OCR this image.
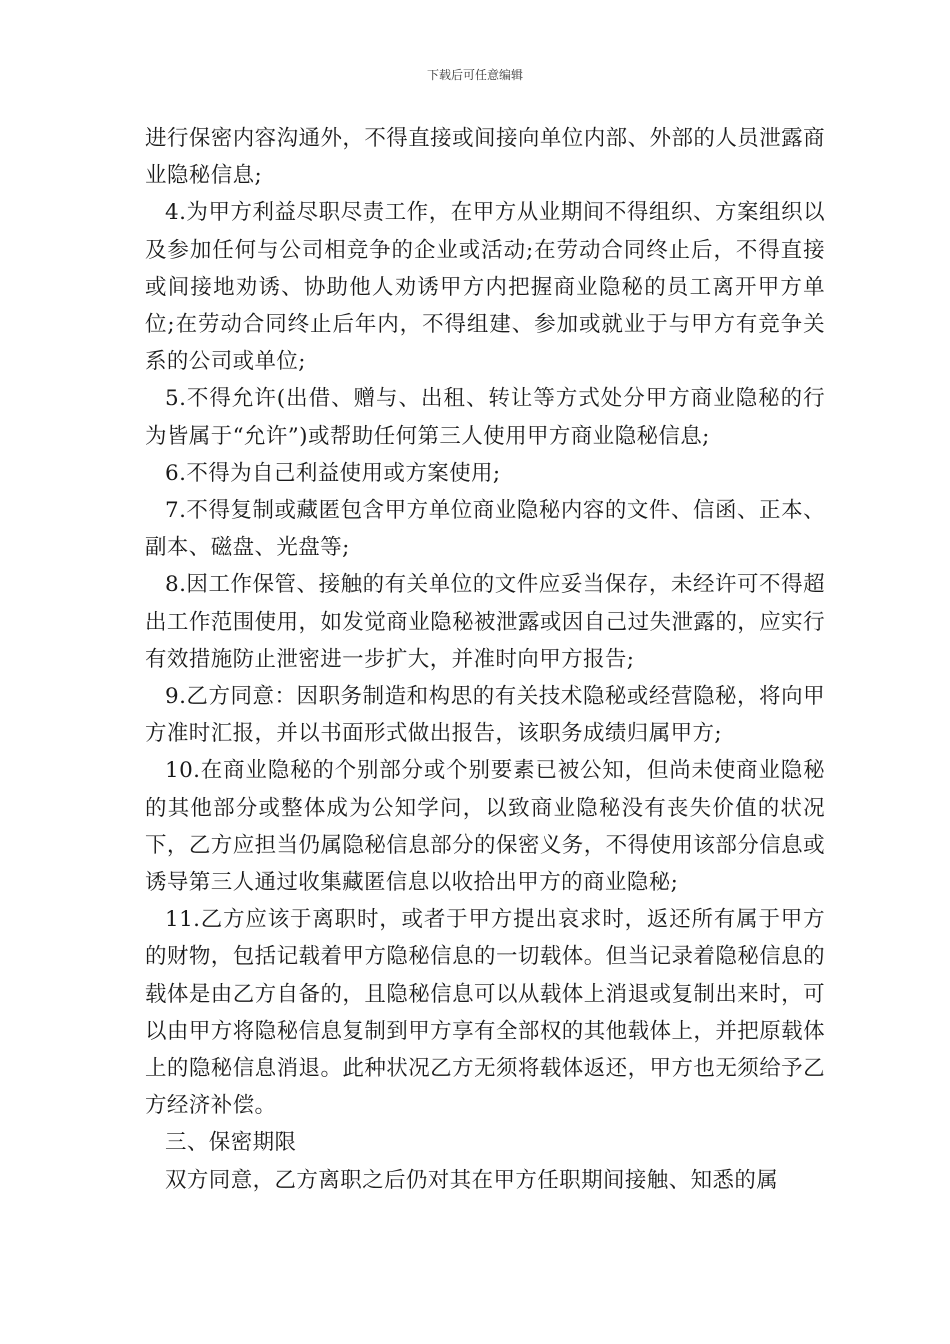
下载后可任意编辑

进行保密内容沟通外，不得直接或间接向单位内部、外部的人员泄露商业隐秘信息;

4.为甲方利益尽职尽责工作，在甲方从业期间不得组织、方案组织以及参加任何与公司相竞争的企业或活动;在劳动合同终止后，不得直接或间接地劝诱、协助他人劝诱甲方内把握商业隐秘的员工离开甲方单位;在劳动合同终止后年内，不得组建、参加或就业于与甲方有竞争关系的公司或单位;

5.不得允许(出借、赠与、出租、转让等方式处分甲方商业隐秘的行为皆属于“允许”)或帮助任何第三人使用甲方商业隐秘信息;

6.不得为自己利益使用或方案使用;

7.不得复制或藏匿包含甲方单位商业隐秘内容的文件、信函、正本、副本、磁盘、光盘等;

8.因工作保管、接触的有关单位的文件应妥当保存，未经许可不得超出工作范围使用，如发觉商业隐秘被泄露或因自己过失泄露的，应实行有效措施防止泄密进一步扩大，并准时向甲方报告;

9.乙方同意：因职务制造和构思的有关技术隐秘或经营隐秘，将向甲方准时汇报，并以书面形式做出报告，该职务成绩归属甲方;

10.在商业隐秘的个别部分或个别要素已被公知，但尚未使商业隐秘的其他部分或整体成为公知学问，以致商业隐秘没有丧失价值的状况下，乙方应担当仍属隐秘信息部分的保密义务，不得使用该部分信息或诱导第三人通过收集藏匿信息以收拾出甲方的商业隐秘;

11.乙方应该于离职时，或者于甲方提出哀求时，返还所有属于甲方的财物，包括记载着甲方隐秘信息的一切载体。但当记录着隐秘信息的载体是由乙方自备的，且隐秘信息可以从载体上消退或复制出来时，可以由甲方将隐秘信息复制到甲方享有全部权的其他载体上，并把原载体上的隐秘信息消退。此种状况乙方无须将载体返还，甲方也无须给予乙方经济补偿。

三、保密期限

双方同意，乙方离职之后仍对其在甲方任职期间接触、知悉的属
